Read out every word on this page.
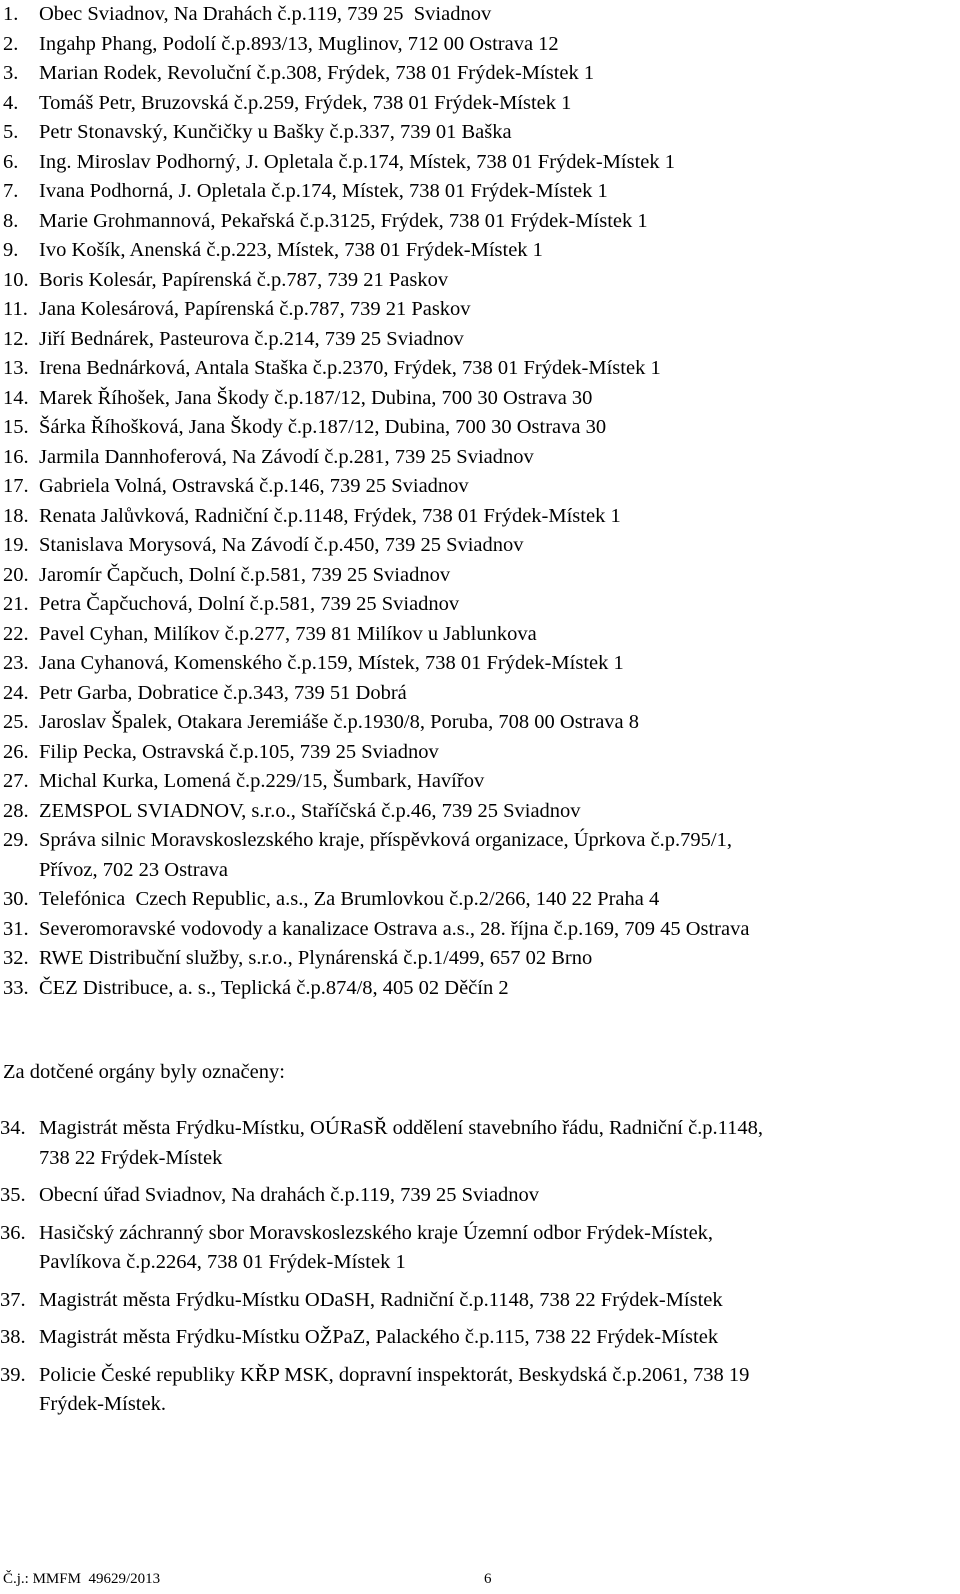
1.	Obec Sviadnov, Na Drahách č.p.119, 739 25  Sviadnov
2.	Ingahp Phang, Podolí č.p.893/13, Muglinov, 712 00 Ostrava 12
3.	Marian Rodek, Revoluční č.p.308, Frýdek, 738 01 Frýdek-Místek 1
4.	Tomáš Petr, Bruzovská č.p.259, Frýdek, 738 01 Frýdek-Místek 1
5.	Petr Stonavský, Kunčičky u Bašky č.p.337, 739 01 Baška
6.	Ing. Miroslav Podhorný, J. Opletala č.p.174, Místek, 738 01 Frýdek-Místek 1
7.	Ivana Podhorná, J. Opletala č.p.174, Místek, 738 01 Frýdek-Místek 1
8.	Marie Grohmannová, Pekařská č.p.3125, Frýdek, 738 01 Frýdek-Místek 1
9.	Ivo Košík, Anenská č.p.223, Místek, 738 01 Frýdek-Místek 1
10. Boris Kolesár, Papírenská č.p.787, 739 21 Paskov
11. Jana Kolesárová, Papírenská č.p.787, 739 21 Paskov
12. Jiří Bednárek, Pasteurova č.p.214, 739 25 Sviadnov
13. Irena Bednárková, Antala Staška č.p.2370, Frýdek, 738 01 Frýdek-Místek 1
14. Marek Říhošek, Jana Škody č.p.187/12, Dubina, 700 30 Ostrava 30
15. Šárka Říhošková, Jana Škody č.p.187/12, Dubina, 700 30 Ostrava 30
16. Jarmila Dannhoferová, Na Závodí č.p.281, 739 25 Sviadnov
17. Gabriela Volná, Ostravská č.p.146, 739 25 Sviadnov
18. Renata Jalůvková, Radniční č.p.1148, Frýdek, 738 01 Frýdek-Místek 1
19. Stanislava Morysová, Na Závodí č.p.450, 739 25 Sviadnov
20. Jaromír Čapčuch, Dolní č.p.581, 739 25 Sviadnov
21. Petra Čapčuchová, Dolní č.p.581, 739 25 Sviadnov
22. Pavel Cyhan, Milíkov č.p.277, 739 81 Milíkov u Jablunkova
23. Jana Cyhanová, Komenského č.p.159, Místek, 738 01 Frýdek-Místek 1
24. Petr Garba, Dobratice č.p.343, 739 51 Dobrá
25. Jaroslav Špalek, Otakara Jeremiáše č.p.1930/8, Poruba, 708 00 Ostrava 8
26. Filip Pecka, Ostravská č.p.105, 739 25 Sviadnov
27. Michal Kurka, Lomená č.p.229/15, Šumbark, Havířov
28. ZEMSPOL SVIADNOV, s.r.o., Staříčská č.p.46, 739 25 Sviadnov
29. Správa silnic Moravskoslezského kraje, příspěvková organizace, Úprkova č.p.795/1,
Přívoz, 702 23 Ostrava
30. Telefónica  Czech Republic, a.s., Za Brumlovkou č.p.2/266, 140 22 Praha 4
31. Severomoravské vodovody a kanalizace Ostrava a.s., 28. října č.p.169, 709 45 Ostrava
32. RWE Distribuční služby, s.r.o., Plynárenská č.p.1/499, 657 02 Brno
33. ČEZ Distribuce, a. s., Teplická č.p.874/8, 405 02 Děčín 2

Za dotčené orgány byly označeny:

34. Magistrát města Frýdku-Místku, OÚRaSŘ oddělení stavebního řádu, Radniční č.p.1148,
738 22 Frýdek-Místek
35. Obecní úřad Sviadnov, Na drahách č.p.119, 739 25 Sviadnov
36. Hasičský záchranný sbor Moravskoslezského kraje Územní odbor Frýdek-Místek,
Pavlíkova č.p.2264, 738 01 Frýdek-Místek 1
37. Magistrát města Frýdku-Místku ODaSH, Radniční č.p.1148, 738 22 Frýdek-Místek
38. Magistrát města Frýdku-Místku OŽPaZ, Palackého č.p.115, 738 22 Frýdek-Místek
39. Policie České republiky KŘP MSK, dopravní inspektorát, Beskydská č.p.2061, 738 19
Frýdek-Místek.
Č.j.: MMFM  49629/2013	6
